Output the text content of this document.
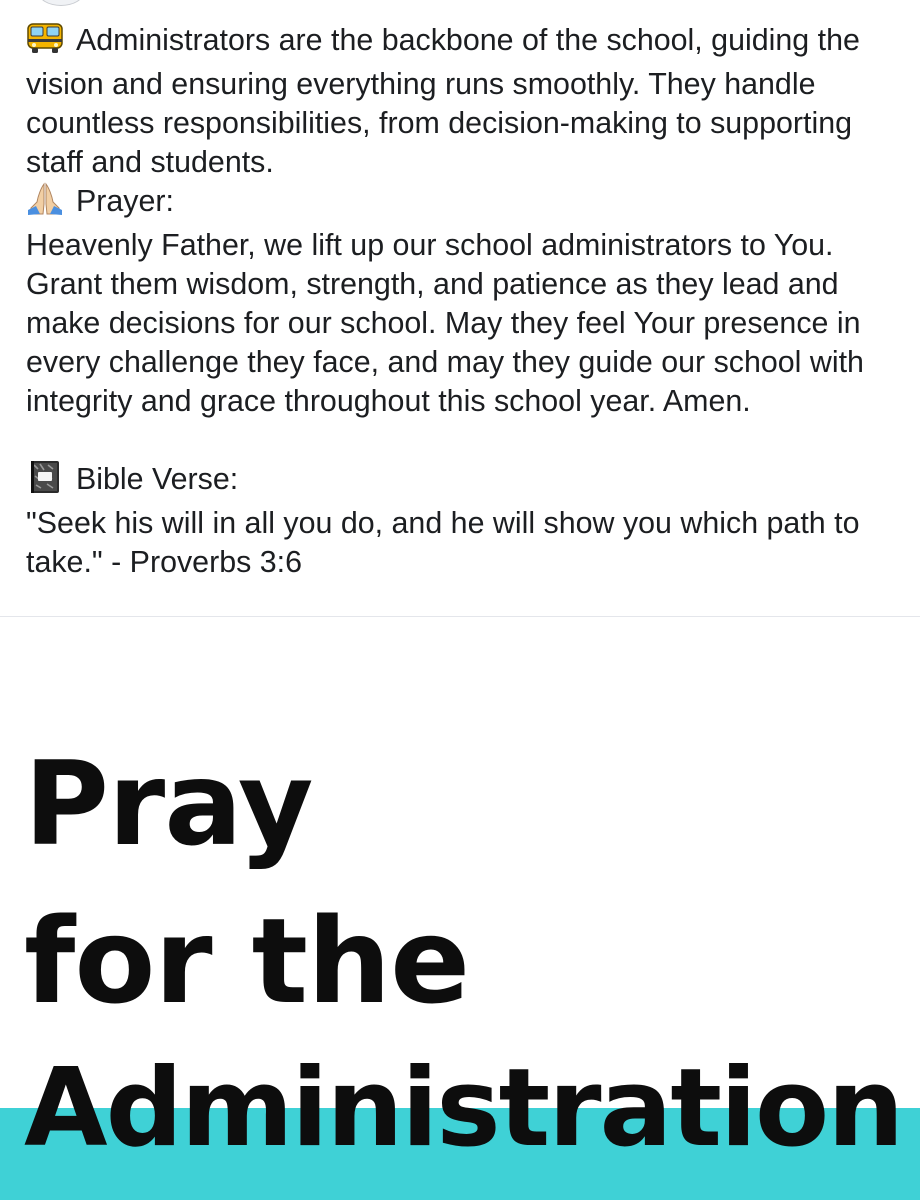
Administrators are the backbone of the school, guiding the vision and ensuring everything runs smoothly. They handle countless responsibilities, from decision-making to supporting staff and students.

Prayer:

Heavenly Father, we lift up our school administrators to You. Grant them wisdom, strength, and patience as they lead and make decisions for our school. May they feel Your presence in every challenge they face, and may they guide our school with integrity and grace throughout this school year. Amen.

Bible Verse:

"Seek his will in all you do, and he will show you which path to take." - Proverbs 3:6

Pray

for the

Administration
